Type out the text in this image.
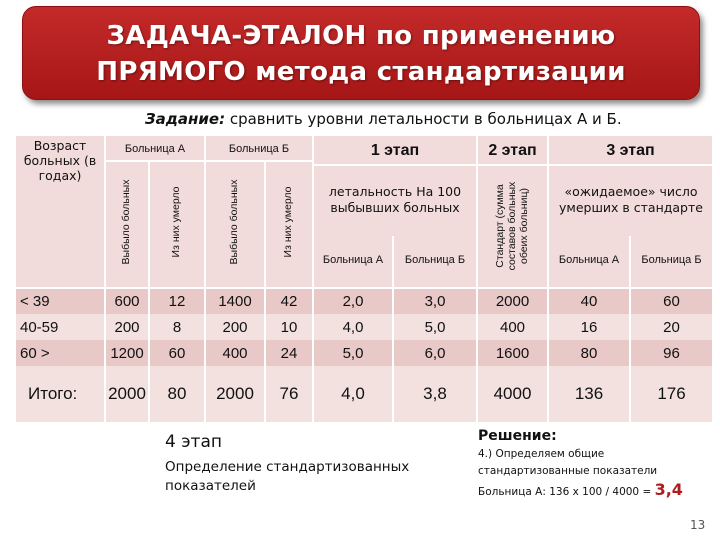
ЗАДАЧА-ЭТАЛОН по применению
ПРЯМОГО метода стандартизации
Задание: сравнить уровни летальности в больницах А и Б.
Возраст больных (в годах)
Больница А	Больница Б
Выбыло больных	Из них умерло	Выбыло больных	Из них умерло
1 этап	2 этап	3 этап
летальность На 100 выбывших больных	Стандарт (сумма составов больных обеих больниц)	«ожидаемое» число умерших в стандарте
Больница А	Больница Б	Больница А	Больница Б
< 39	600	12	1400	42	2,0	3,0	2000	40	60
40-59	200	8	200	10	4,0	5,0	400	16	20
60 >	1200	60	400	24	5,0	6,0	1600	80	96
Итого:	2000	80	2000	76	4,0	3,8	4000	136	176
4 этап
Определение стандартизованных показателей
Решение:
4.) Определяем общие
стандартизованные показатели
Больница А: 136 х 100 / 4000 = 3,4
13
